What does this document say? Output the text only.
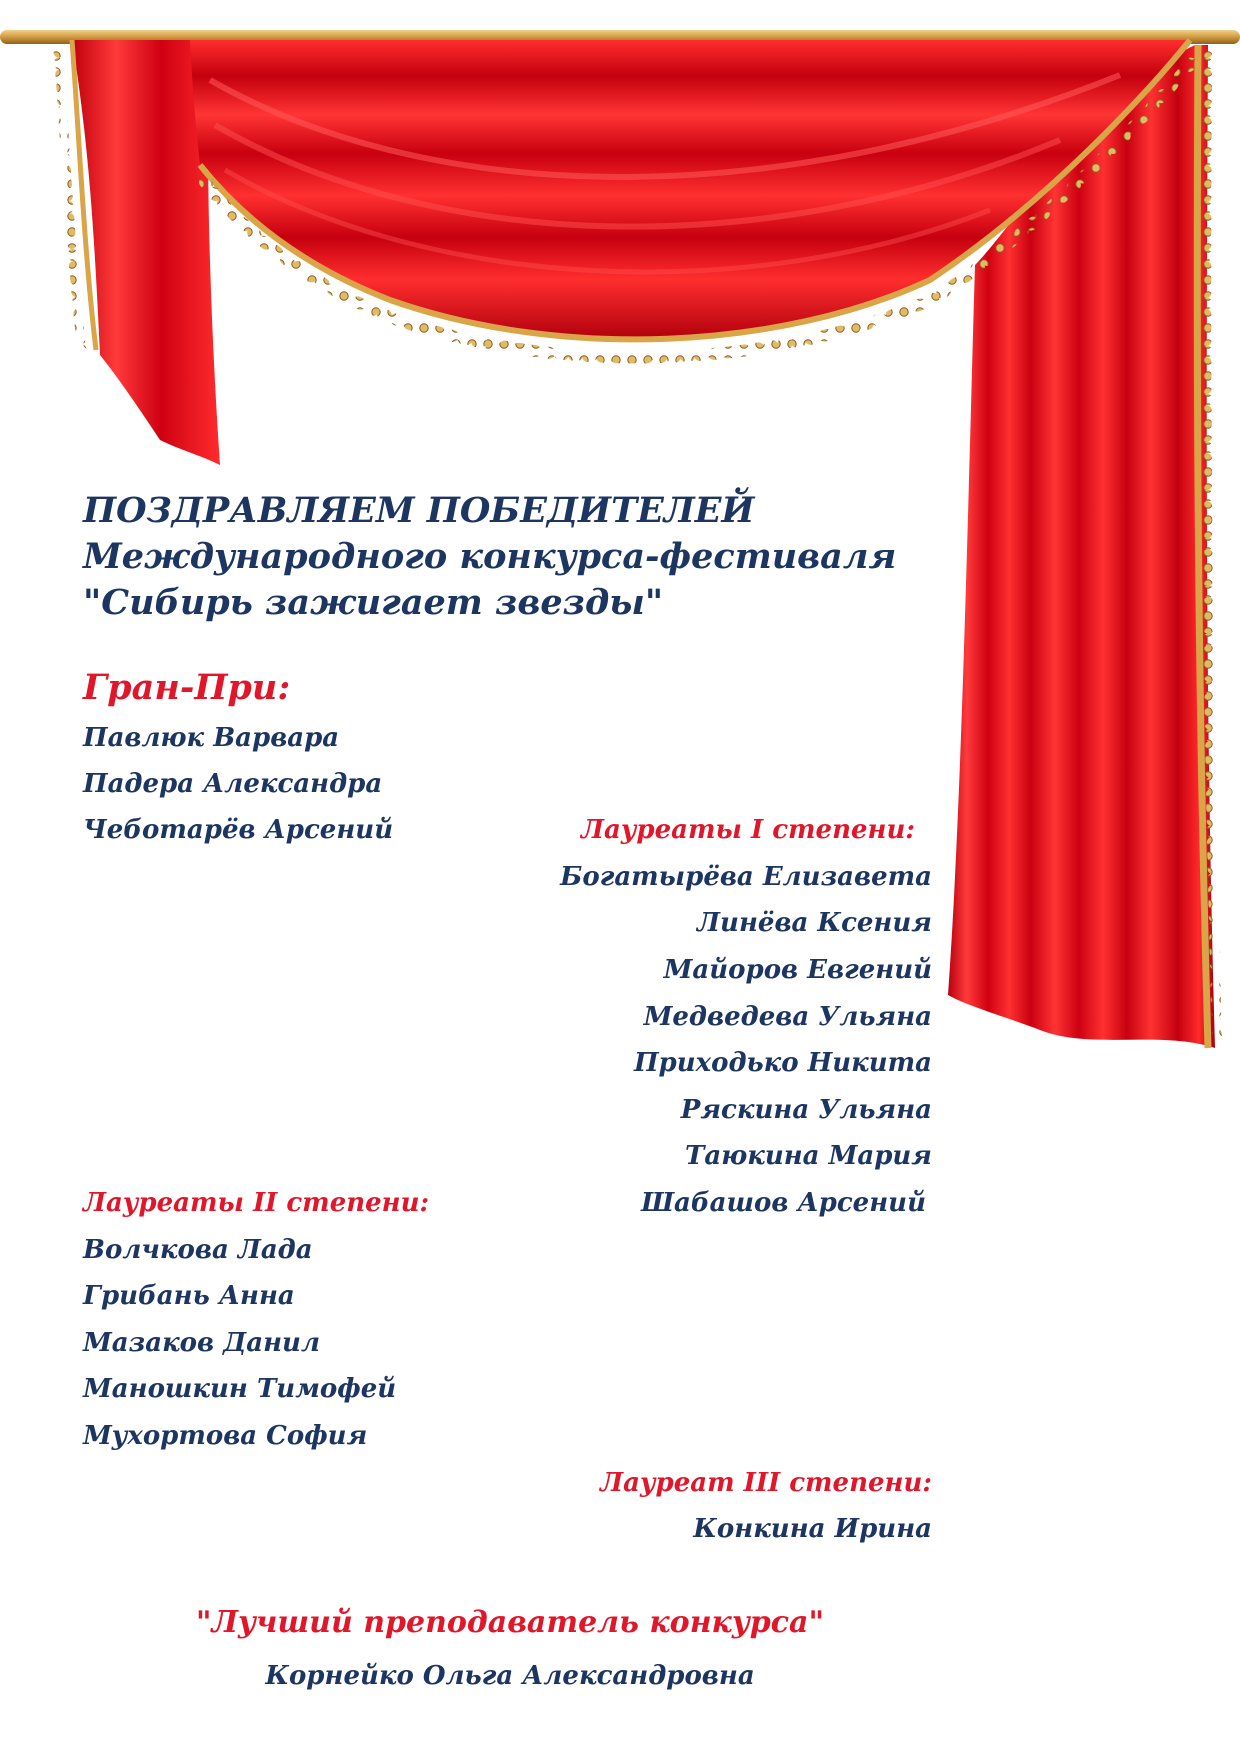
ПОЗДРАВЛЯЕМ ПОБЕДИТЕЛЕЙ

Международного конкурса-фестиваля

"Сибирь зажигает звезды"

Гран-При:

Павлюк Варвара

Падера Александра

Чеботарёв Арсений	Лауреаты I степени:

Богатырёва Елизавета

Линёва Ксения

Майоров Евгений

Медведева Ульяна

Приходько Никита

Ряскина Ульяна

Таюкина Мария

Шабашов Арсений

Лауреаты II степени:

Волчкова Лада

Грибань Анна

Мазаков Данил

Маношкин Тимофей

Мухортова София

Лауреат III степени:

Конкина Ирина

"Лучший преподаватель конкурса"

Корнейко Ольга Александровна
